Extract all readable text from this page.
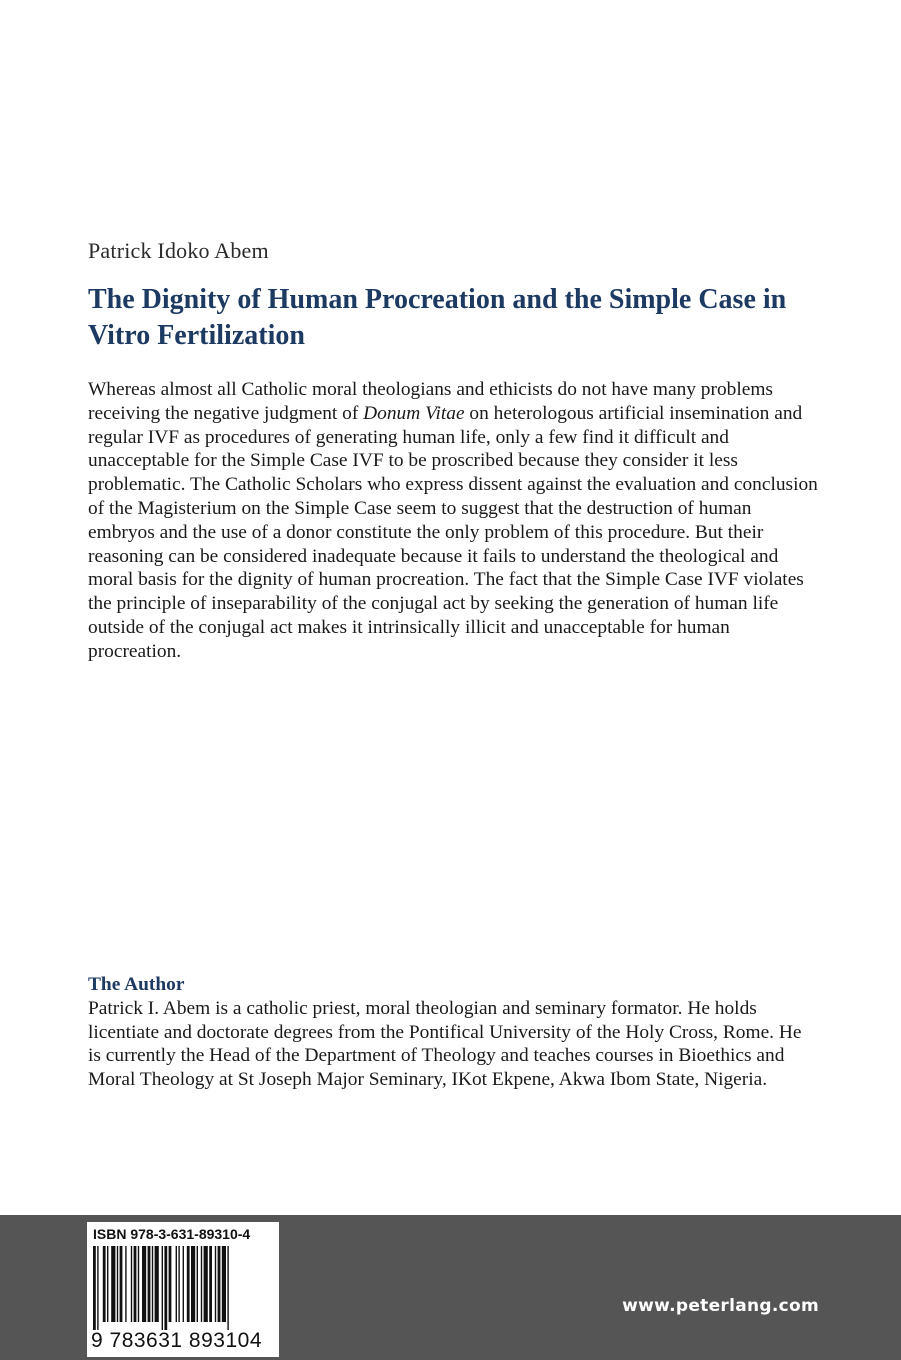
Patrick Idoko Abem
The Dignity of Human Procreation and the Simple Case in Vitro Fertilization
Whereas almost all Catholic moral theologians and ethicists do not have many problems receiving the negative judgment of Donum Vitae on heterologous artificial insemination and regular IVF as procedures of generating human life, only a few find it difficult and unacceptable for the Simple Case IVF to be proscribed because they consider it less problematic. The Catholic Scholars who express dissent against the evaluation and conclusion of the Magisterium on the Simple Case seem to suggest that the destruction of human embryos and the use of a donor constitute the only problem of this procedure. But their reasoning can be considered inadequate because it fails to understand the theological and moral basis for the dignity of human procreation. The fact that the Simple Case IVF violates the principle of inseparability of the conjugal act by seeking the generation of human life outside of the conjugal act makes it intrinsically illicit and unacceptable for human procreation.
The Author
Patrick I. Abem is a catholic priest, moral theologian and seminary formator. He holds licentiate and doctorate degrees from the Pontifical University of the Holy Cross, Rome. He is currently the Head of the Department of Theology and teaches courses in Bioethics and Moral Theology at St Joseph Major Seminary, IKot Ekpene, Akwa Ibom State, Nigeria.
ISBN 978-3-631-89310-4
9 783631 893104
www.peterlang.com
